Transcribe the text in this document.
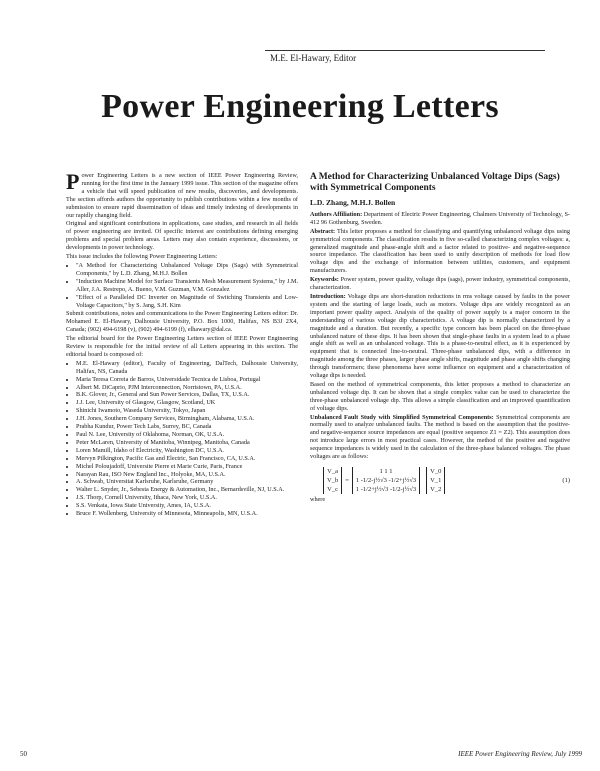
M.E. El-Hawary, Editor
Power Engineering Letters

Power Engineering Letters is a new section of IEEE Power Engineering Review, running for the first time in the January 1999 issue. This section of the magazine offers a vehicle that will speed publication of new results, discoveries, and developments. The section affords authors the opportunity to publish contributions within a few months of submission to ensure rapid dissemination of ideas and timely indexing of developments in our rapidly changing field.

Original and significant contributions in applications, case studies, and research in all fields of power engineering are invited. Of specific interest are contributions defining emerging problems and special problem areas. Letters may also contain experience, discussions, or developments in power technology.

This issue includes the following Power Engineering Letters:

• "A Method for Characterizing Unbalanced Voltage Dips (Sags) with Symmetrical Components," by L.D. Zhang, M.H.J. Bollen
• "Induction Machine Model for Surface Transients Mesh Measurement Systems," by J.M. Aller, J.A. Restrepo, A. Bueno, V.M. Guzman, V.M. Gonzalez
• "Effect of a Paralleled DC Inverter on Magnitude of Switching Transients and Low-Voltage Capacitors," by S. Jang, S.H. Kim

Submit contributions, notes and communications to the Power Engineering Letters editor: Dr. Mohamed E. El-Hawary, Dalhousie University, P.O. Box 1000, Halifax, NS B3J 2X4, Canada; (902) 494-6198 (v), (902) 494-6199 (f), elhawary@dal.ca.

The editorial board for the Power Engineering Letters section of IEEE Power Engineering Review is responsible for the initial review of all Letters appearing in this section. The editorial board is composed of:

• M.E. El-Hawary (editor), Faculty of Engineering, DalTech, Dalhousie University, Halifax, NS, Canada
• Maria Teresa Correia de Barros, Universidade Tecnica de Lisboa, Portugal
• Albert M. DiCaprio, PJM Interconnection, Norristown, PA, U.S.A.
• B.K. Glover, Jr., General and Sun Power Services, Dallas, TX, U.S.A.
• J.J. Lee, University of Glasgow, Glasgow, Scotland, UK
• Shinichi Iwamoto, Waseda University, Tokyo, Japan
• J.H. Jones, Southern Company Services, Birmingham, Alabama, U.S.A.
• Prabha Kundur, Power Tech Labs, Surrey, BC, Canada
• Paul N. Lee, University of Oklahoma, Norman, OK, U.S.A.
• Peter McLaren, University of Manitoba, Winnipeg, Manitoba, Canada
• Loren Mamill, Idaho of Electricity, Washington DC, U.S.A.
• Mervyn Pilkington, Pacific Gas and Electric, San Francisco, CA, U.S.A.
• Michel Poloujadoff, Universite Pierre et Marie Curie, Paris, France
• Narayan Rau, ISO New England Inc., Holyoke, MA, U.S.A.
• A. Schwab, Universitat Karlsruhe, Karlsruhe, Germany
• Walter L. Snyder, Jr., Sebesta Energy & Automation, Inc., Bernardsville, NJ, U.S.A.
• J.S. Thorp, Cornell University, Ithaca, New York, U.S.A.
• S.S. Venkata, Iowa State University, Ames, IA, U.S.A.
• Bruce F. Wollenberg, University of Minnesota, Minneapolis, MN, U.S.A.
A Method for Characterizing Unbalanced Voltage Dips (Sags) with Symmetrical Components
L.D. Zhang, M.H.J. Bollen

Authors Affiliation: Department of Electric Power Engineering, Chalmers University of Technology, S-412 96 Gothenburg, Sweden.

Abstract: This letter proposes a method for classifying and quantifying unbalanced voltage dips using symmetrical components. The classification results in five so-called characterizing complex voltages: a, generalized magnitude and phase-angle shift and a factor related to positive- and negative-sequence source impedance. The classification has been used to unify description of methods for load flow voltage dips and the exchange of information between utilities, customers, and equipment manufacturers.

Keywords: Power system, power quality, voltage dips (sags), power industry, symmetrical components, characterization.

Introduction: Voltage dips are short-duration reductions in rms voltage caused by faults in the power system and the starting of large loads, such as motors. Voltage dips are widely recognized as an important power quality aspect. Analysis of the quality of power supply is a major concern in the understanding of various voltage dip characteristics. A voltage dip is normally characterized by a magnitude and a duration. But recently, a specific type concern has been placed on the three-phase unbalanced nature of these dips. It has been shown that single-phase faults in a system lead to a phase angle shift as well as an unbalanced voltage. This is a phase-to-neutral effect, as it is experienced by equipment that is connected line-to-neutral. Three-phase unbalanced dips, with a difference in magnitude among the three phases, larger phase angle shifts, magnitude and phase angle shifts changing through transformers; these phenomena have some influence on equipment and a characterization of voltage dips is needed.

Based on the method of symmetrical components, this letter proposes a method to characterize an unbalanced voltage dip. It can be shown that a single complex value can be used to characterize the three-phase unbalanced voltage dip. This allows a simple classification and an improved quantification of voltage dips.

Unbalanced Fault Study with Simplified Symmetrical Components: Symmetrical components are normally used to analyze unbalanced faults. The method is based on the assumption that the positive- and negative-sequence source impedances are equal (positive sequence Z1 = Z2). This assumption does not introduce large errors in most practical cases. However, the method of the positive and negative sequence impedances is widely used in the calculation of the three-phase balanced voltages. The phase voltages are as follows:

V_a
V_b
V_c
=
1 1 1
1 -1/2-j½√3 -1/2+j½√3
1 -1/2+j½√3 -1/2-j½√3
V_0
V_1
V_2
(1)

where

50	IEEE Power Engineering Review, July 1999
